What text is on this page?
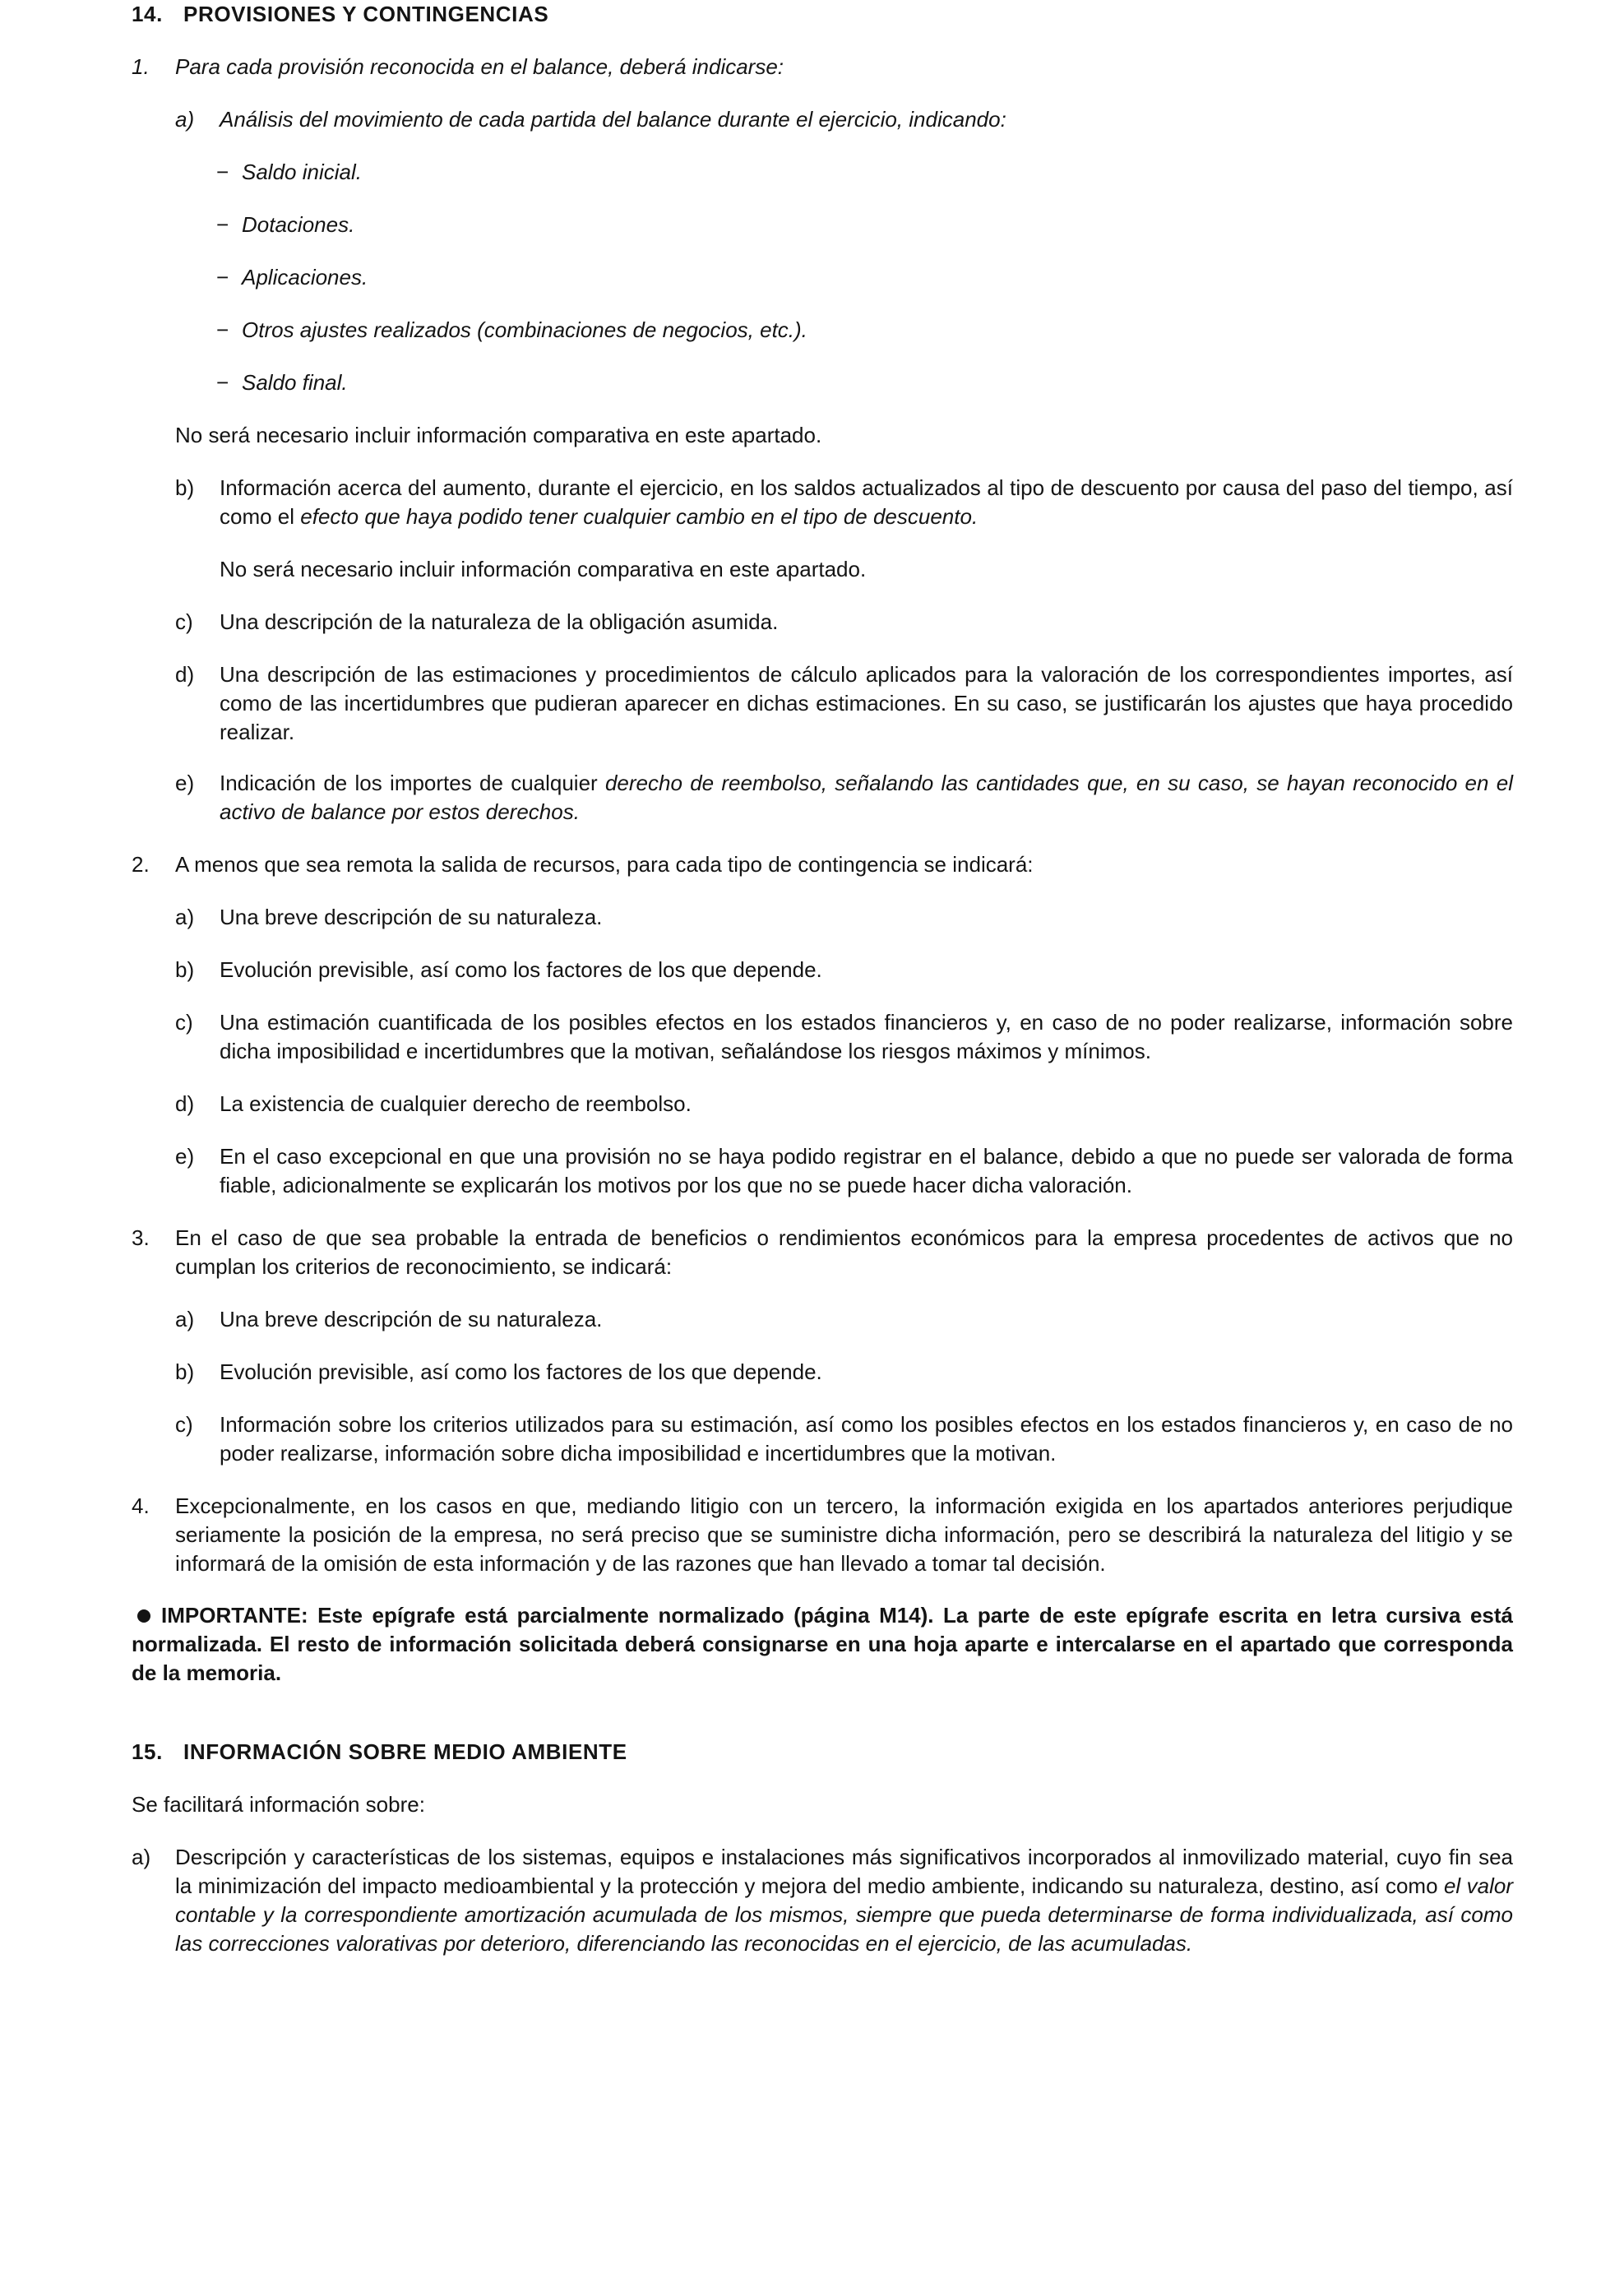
14. PROVISIONES Y CONTINGENCIAS
1.	Para cada provisión reconocida en el balance, deberá indicarse:
a)	Análisis del movimiento de cada partida del balance durante el ejercicio, indicando:
− Saldo inicial.
− Dotaciones.
− Aplicaciones.
− Otros ajustes realizados (combinaciones de negocios, etc.).
− Saldo final.
No será necesario incluir información comparativa en este apartado.
b)	Información acerca del aumento, durante el ejercicio, en los saldos actualizados al tipo de descuento por causa del paso del tiempo, así como el efecto que haya podido tener cualquier cambio en el tipo de descuento.
No será necesario incluir información comparativa en este apartado.
c)	Una descripción de la naturaleza de la obligación asumida.
d)	Una descripción de las estimaciones y procedimientos de cálculo aplicados para la valoración de los correspondientes importes, así como de las incertidumbres que pudieran aparecer en dichas estimaciones. En su caso, se justificarán los ajustes que haya procedido realizar.
e)	Indicación de los importes de cualquier derecho de reembolso, señalando las cantidades que, en su caso, se hayan reconocido en el activo de balance por estos derechos.
2.	A menos que sea remota la salida de recursos, para cada tipo de contingencia se indicará:
a)	Una breve descripción de su naturaleza.
b)	Evolución previsible, así como los factores de los que depende.
c)	Una estimación cuantificada de los posibles efectos en los estados financieros y, en caso de no poder realizarse, información sobre dicha imposibilidad e incertidumbres que la motivan, señalándose los riesgos máximos y mínimos.
d)	La existencia de cualquier derecho de reembolso.
e)	En el caso excepcional en que una provisión no se haya podido registrar en el balance, debido a que no puede ser valorada de forma fiable, adicionalmente se explicarán los motivos por los que no se puede hacer dicha valoración.
3.	En el caso de que sea probable la entrada de beneficios o rendimientos económicos para la empresa procedentes de activos que no cumplan los criterios de reconocimiento, se indicará:
a)	Una breve descripción de su naturaleza.
b)	Evolución previsible, así como los factores de los que depende.
c)	Información sobre los criterios utilizados para su estimación, así como los posibles efectos en los estados financieros y, en caso de no poder realizarse, información sobre dicha imposibilidad e incertidumbres que la motivan.
4.	Excepcionalmente, en los casos en que, mediando litigio con un tercero, la información exigida en los apartados anteriores perjudique seriamente la posición de la empresa, no será preciso que se suministre dicha información, pero se describirá la naturaleza del litigio y se informará de la omisión de esta información y de las razones que han llevado a tomar tal decisión.
IMPORTANTE: Este epígrafe está parcialmente normalizado (página M14). La parte de este epígrafe escrita en letra cursiva está normalizada. El resto de información solicitada deberá consignarse en una hoja aparte e intercalarse en el apartado que corresponda de la memoria.
15. INFORMACIÓN SOBRE MEDIO AMBIENTE
Se facilitará información sobre:
a)	Descripción y características de los sistemas, equipos e instalaciones más significativos incorporados al inmovilizado material, cuyo fin sea la minimización del impacto medioambiental y la protección y mejora del medio ambiente, indicando su naturaleza, destino, así como el valor contable y la correspondiente amortización acumulada de los mismos, siempre que pueda determinarse de forma individualizada, así como las correcciones valorativas por deterioro, diferenciando las reconocidas en el ejercicio, de las acumuladas.
